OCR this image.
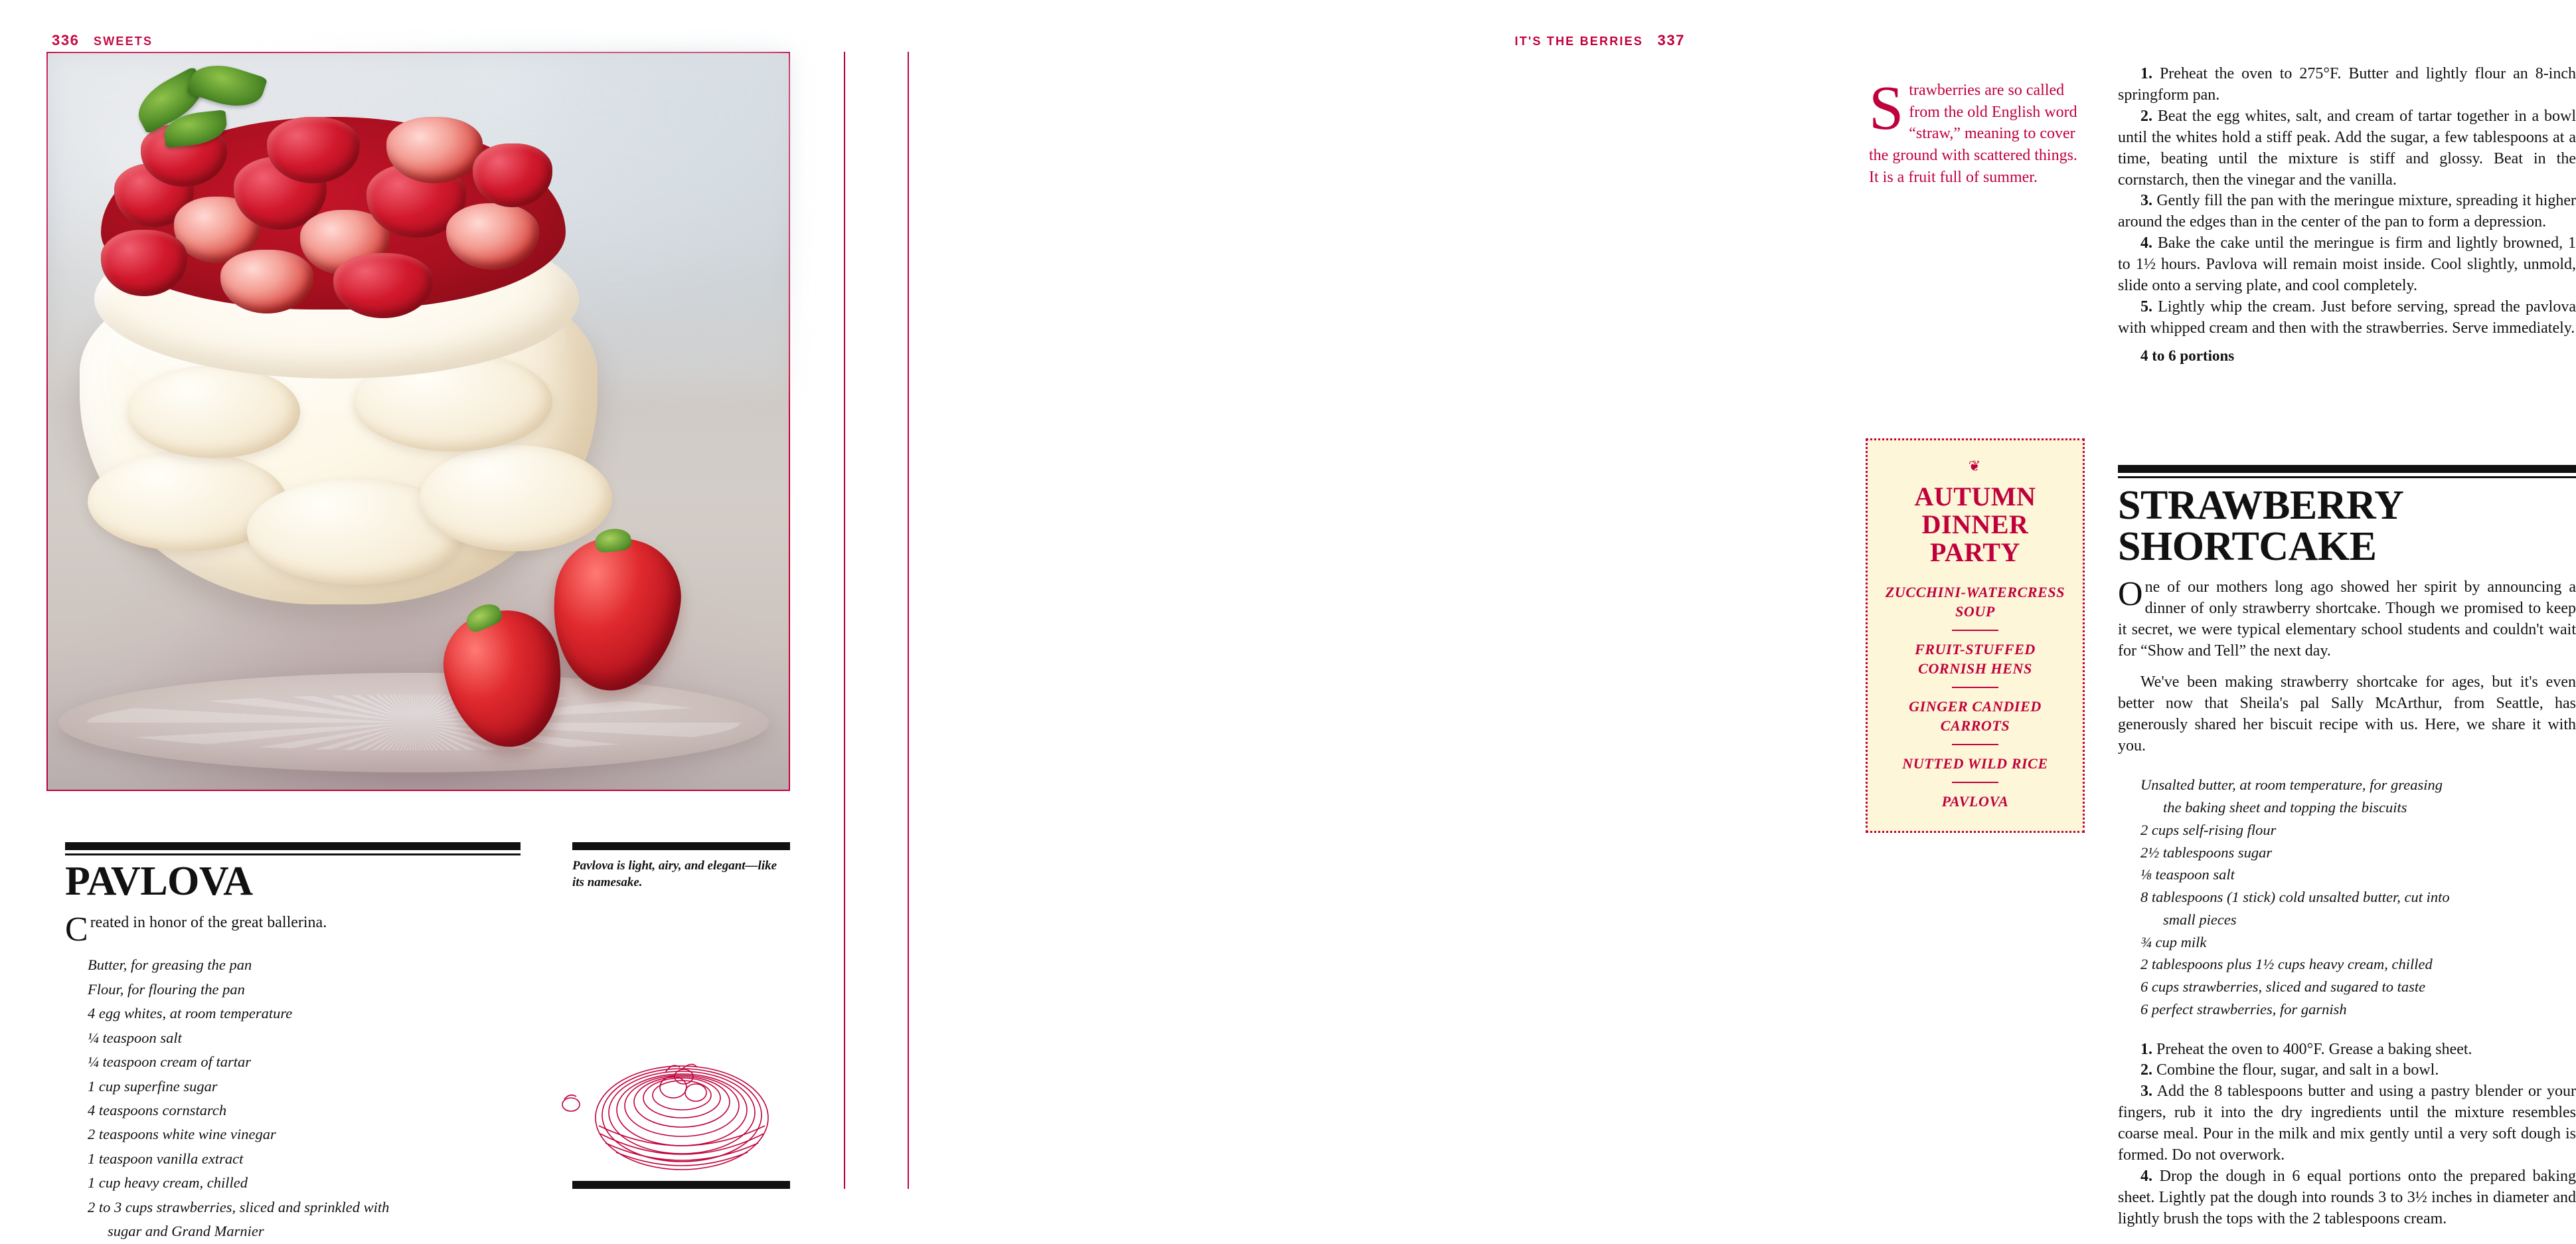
336 SWEETS
PAVLOVA

Created in honor of the great ballerina.

Butter, for greasing the pan
Flour, for flouring the pan
4 egg whites, at room temperature
¼ teaspoon salt
¼ teaspoon cream of tartar
1 cup superfine sugar
4 teaspoons cornstarch
2 teaspoons white wine vinegar
1 teaspoon vanilla extract
1 cup heavy cream, chilled
2 to 3 cups strawberries, sliced and sprinkled with
sugar and Grand Marnier
Pavlova is light, airy, and elegant—like its namesake.
IT'S THE BERRIES 337

Strawberries are so called from the old English word “straw,” meaning to cover the ground with scattered things. It is a fruit full of summer.

❦
AUTUMN
DINNER PARTY
ZUCCHINI-WATERCRESS SOUP
FRUIT-STUFFED CORNISH HENS
GINGER CANDIED CARROTS
NUTTED WILD RICE
PAVLOVA

1. Preheat the oven to 275°F. Butter and lightly flour an 8-inch springform pan.

2. Beat the egg whites, salt, and cream of tartar together in a bowl until the whites hold a stiff peak. Add the sugar, a few tablespoons at a time, beating until the mixture is stiff and glossy. Beat in the cornstarch, then the vinegar and the vanilla.

3. Gently fill the pan with the meringue mixture, spreading it higher around the edges than in the center of the pan to form a depression.

4. Bake the cake until the meringue is firm and lightly browned, 1 to 1½ hours. Pavlova will remain moist inside. Cool slightly, unmold, slide onto a serving plate, and cool completely.

5. Lightly whip the cream. Just before serving, spread the pavlova with whipped cream and then with the strawberries. Serve immediately.

4 to 6 portions
STRAWBERRY
SHORTCAKE

One of our mothers long ago showed her spirit by announcing a dinner of only strawberry shortcake. Though we promised to keep it secret, we were typical elementary school students and couldn't wait for “Show and Tell” the next day.

We've been making strawberry shortcake for ages, but it's even better now that Sheila's pal Sally McArthur, from Seattle, has generously shared her biscuit recipe with us. Here, we share it with you.

Unsalted butter, at room temperature, for greasing
the baking sheet and topping the biscuits
2 cups self-rising flour
2½ tablespoons sugar
⅛ teaspoon salt
8 tablespoons (1 stick) cold unsalted butter, cut into
small pieces
¾ cup milk
2 tablespoons plus 1½ cups heavy cream, chilled
6 cups strawberries, sliced and sugared to taste
6 perfect strawberries, for garnish

1. Preheat the oven to 400°F. Grease a baking sheet.

2. Combine the flour, sugar, and salt in a bowl.

3. Add the 8 tablespoons butter and using a pastry blender or your fingers, rub it into the dry ingredients until the mixture resembles coarse meal. Pour in the milk and mix gently until a very soft dough is formed. Do not overwork.

4. Drop the dough in 6 equal portions onto the prepared baking sheet. Lightly pat the dough into rounds 3 to 3½ inches in diameter and lightly brush the tops with the 2 tablespoons cream.
